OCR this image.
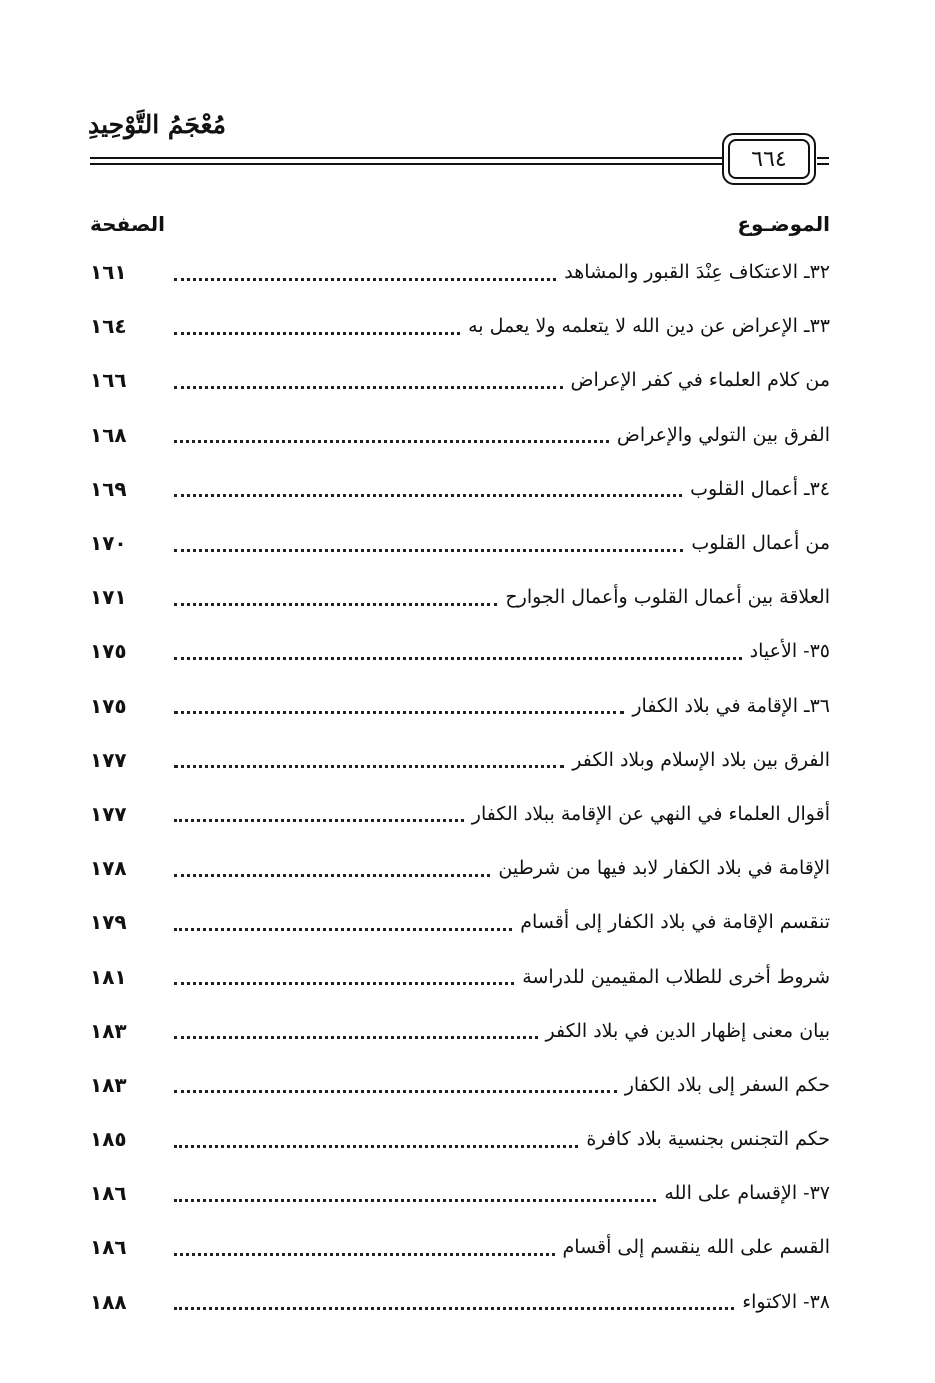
مُعْجَمُ التَّوْحِيدِ
٦٦٤
الموضـوع
الصفحة
١٦١	٣٢ـ الاعتكاف عِنْدَ القبور والمشاهد
١٦٤	٣٣ـ الإعراض عن دين الله لا يتعلمه ولا يعمل به
١٦٦	من كلام العلماء في كفر الإعراض
١٦٨	الفرق بين التولي والإعراض
١٦٩	٣٤ـ أعمال القلوب
١٧٠	من أعمال القلوب
١٧١	العلاقة بين أعمال القلوب وأعمال الجوارح
١٧٥	٣٥- الأعياد
١٧٥	٣٦ـ الإقامة في بلاد الكفار
١٧٧	الفرق بين بلاد الإسلام وبلاد الكفر
١٧٧	أقوال العلماء في النهي عن الإقامة ببلاد الكفار
١٧٨	الإقامة في بلاد الكفار لابد فيها من شرطين
١٧٩	تنقسم الإقامة في بلاد الكفار إلى أقسام
١٨١	شروط أخرى للطلاب المقيمين للدراسة
١٨٣	بيان معنى إظهار الدين في بلاد الكفر
١٨٣	حكم السفر إلى بلاد الكفار
١٨٥	حكم التجنس بجنسية بلاد كافرة
١٨٦	٣٧- الإقسام على الله
١٨٦	القسم على الله ينقسم إلى أقسام
١٨٨	٣٨- الاكتواء
